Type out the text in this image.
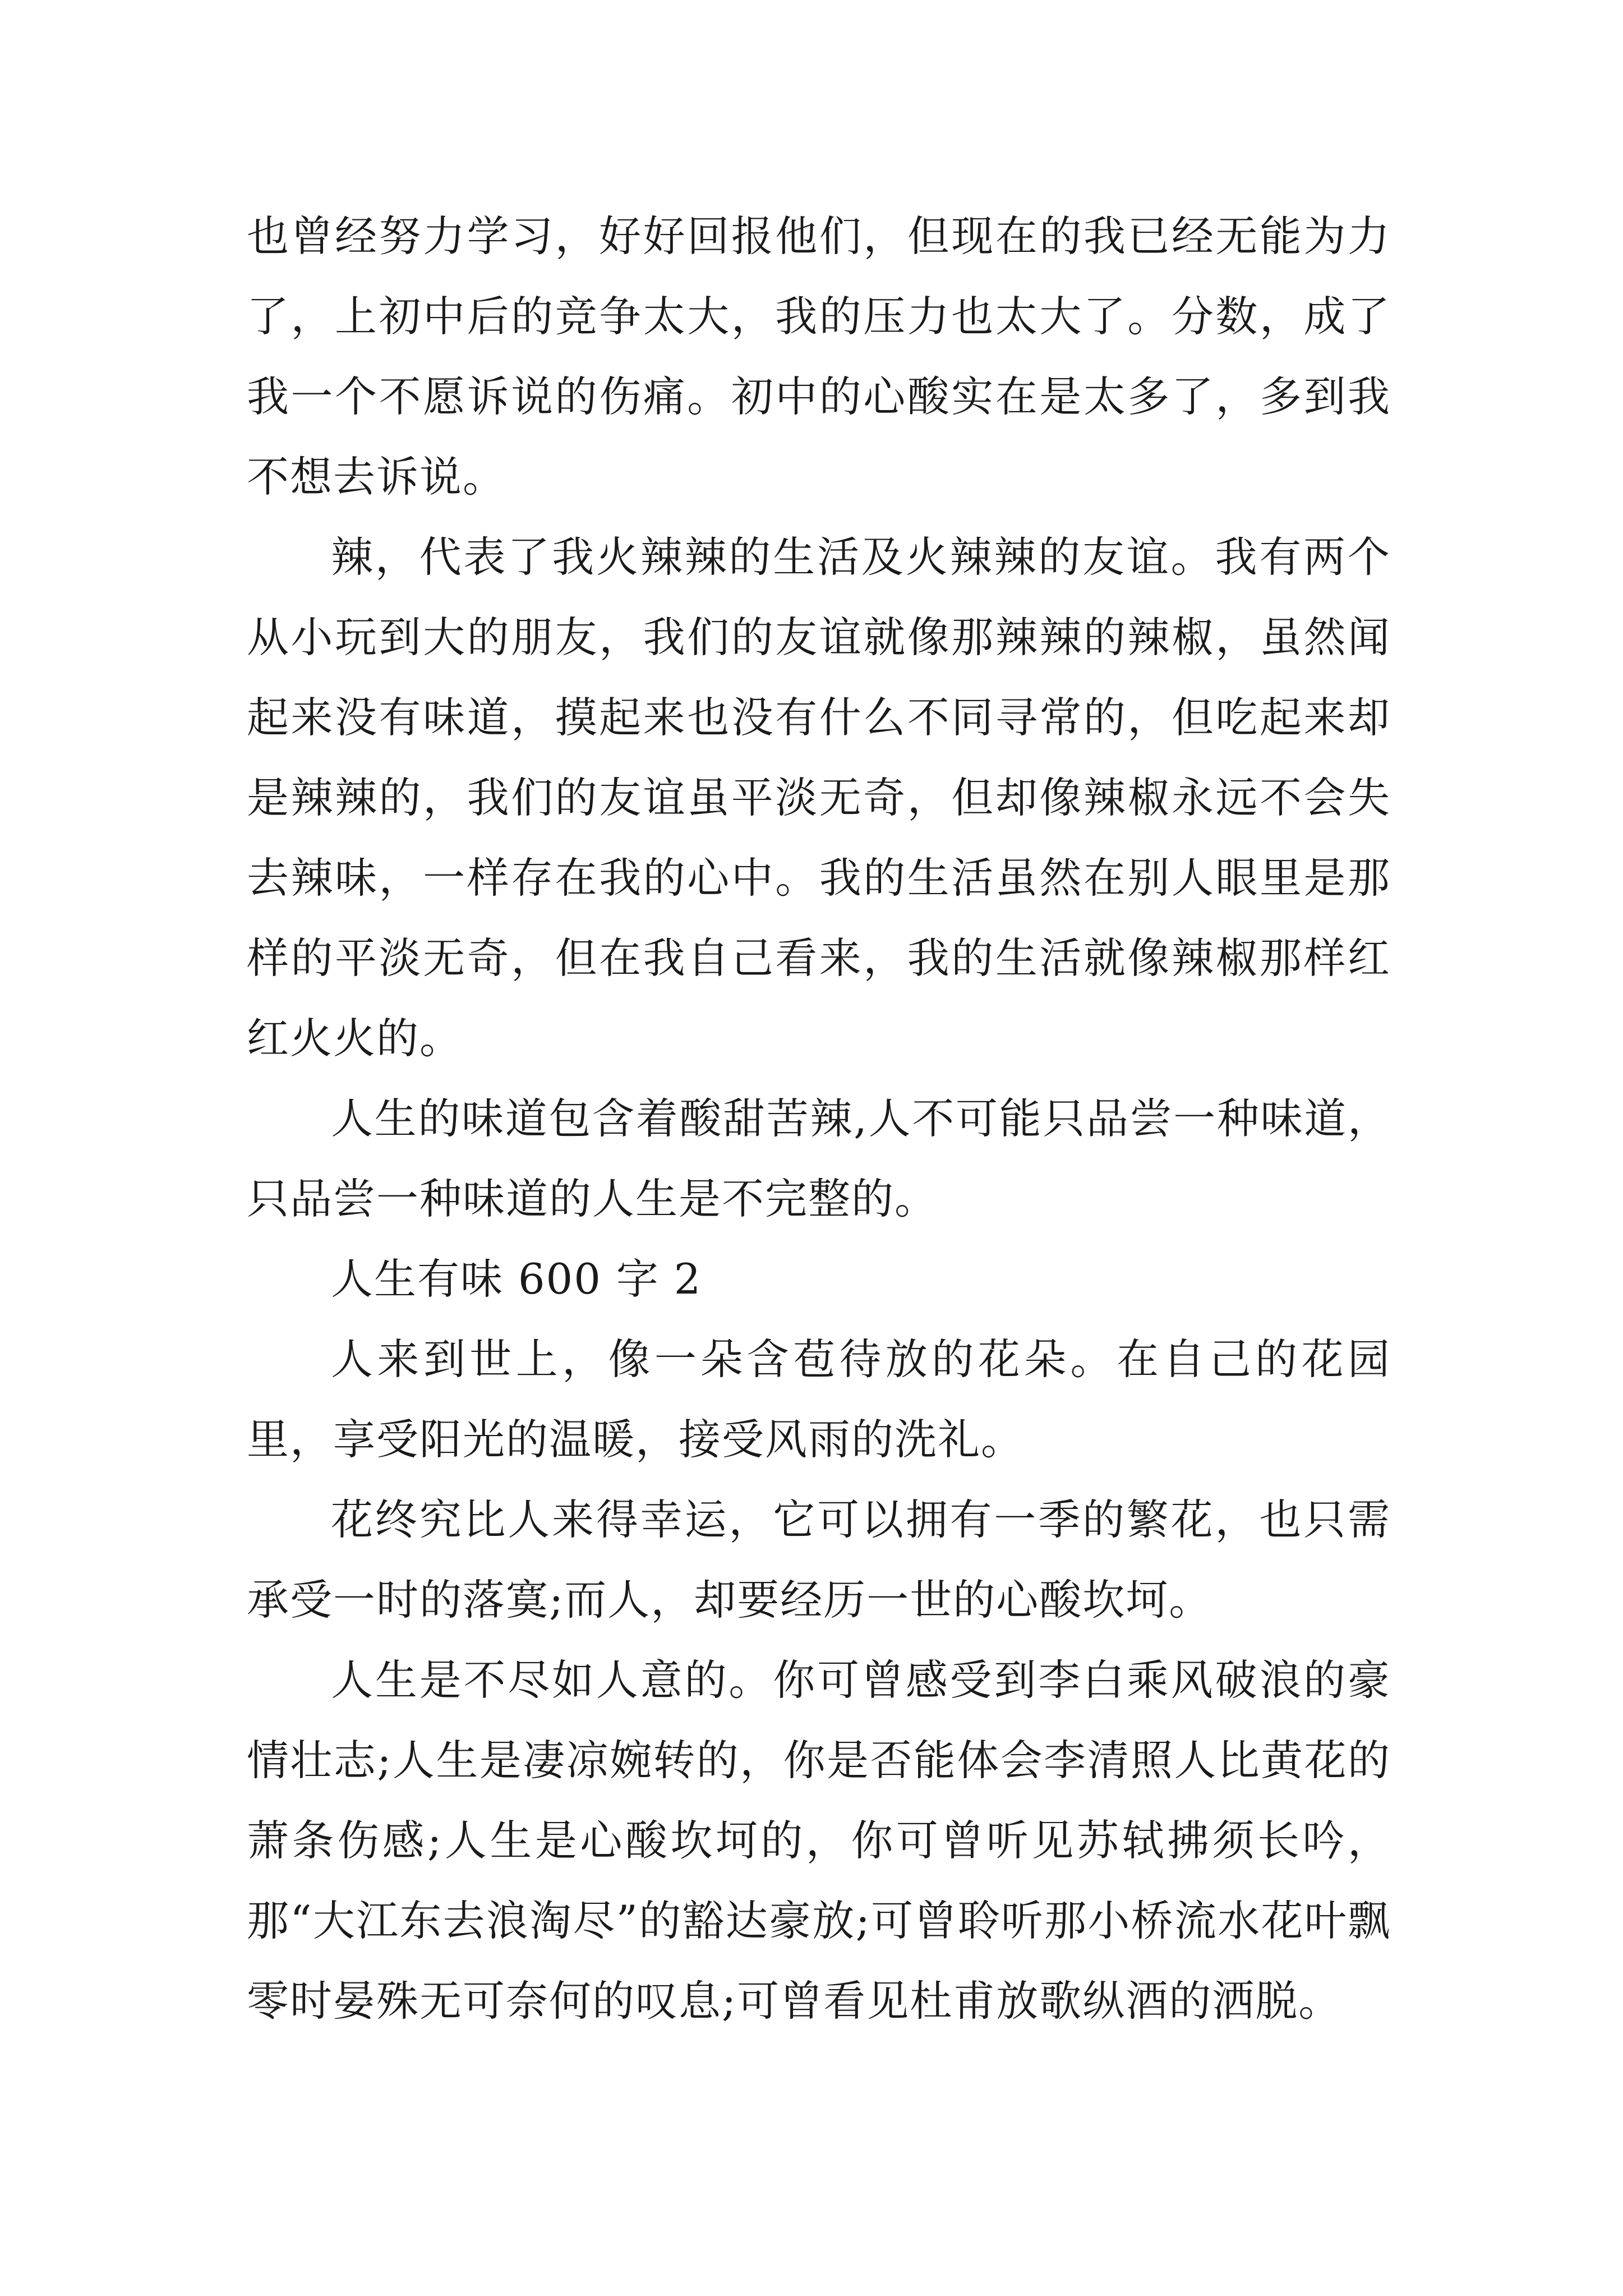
也曾经努力学习，好好回报他们，但现在的我已经无能为力了，上初中后的竞争太大，我的压力也太大了。分数，成了我一个不愿诉说的伤痛。初中的心酸实在是太多了，多到我不想去诉说。

辣，代表了我火辣辣的生活及火辣辣的友谊。我有两个从小玩到大的朋友，我们的友谊就像那辣辣的辣椒，虽然闻起来没有味道，摸起来也没有什么不同寻常的，但吃起来却是辣辣的，我们的友谊虽平淡无奇，但却像辣椒永远不会失去辣味，一样存在我的心中。我的生活虽然在别人眼里是那样的平淡无奇，但在我自己看来，我的生活就像辣椒那样红红火火的。

人生的味道包含着酸甜苦辣,人不可能只品尝一种味道，只品尝一种味道的人生是不完整的。

人生有味 600 字 2

人来到世上，像一朵含苞待放的花朵。在自己的花园里，享受阳光的温暖，接受风雨的洗礼。

花终究比人来得幸运，它可以拥有一季的繁花，也只需承受一时的落寞;而人，却要经历一世的心酸坎坷。

人生是不尽如人意的。你可曾感受到李白乘风破浪的豪情壮志;人生是凄凉婉转的，你是否能体会李清照人比黄花的萧条伤感;人生是心酸坎坷的，你可曾听见苏轼拂须长吟，那“大江东去浪淘尽”的豁达豪放;可曾聆听那小桥流水花叶飘零时晏殊无可奈何的叹息;可曾看见杜甫放歌纵酒的洒脱。
